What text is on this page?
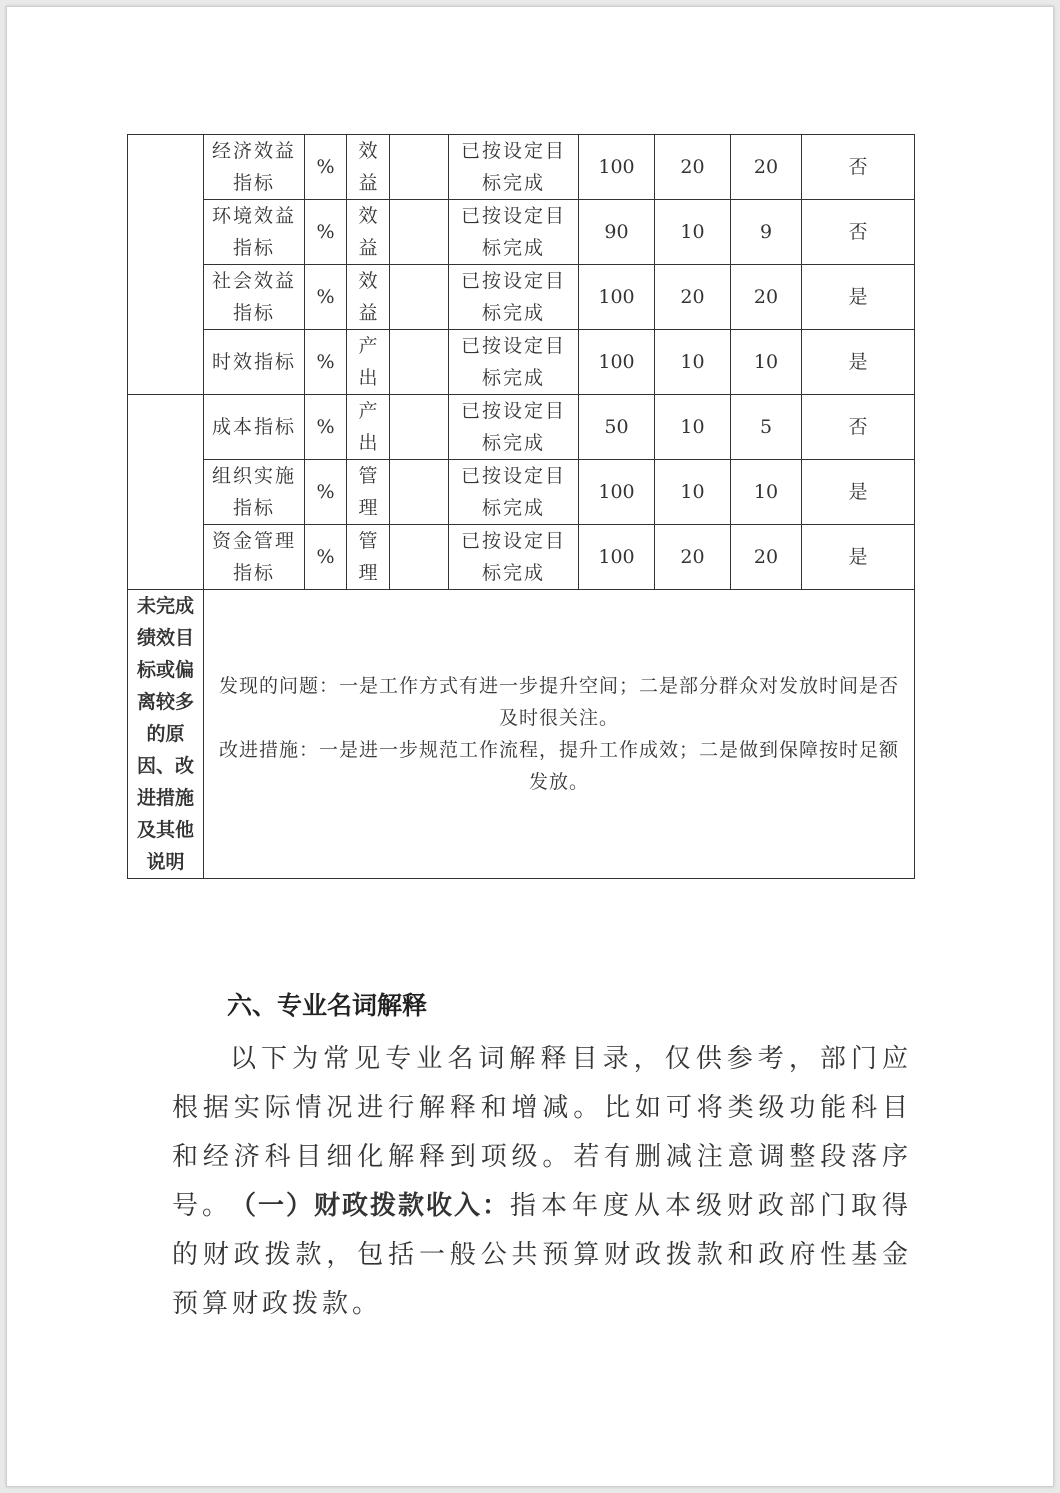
	经济效益指标	%	效益		已按设定目标完成	100	20	20	否
	环境效益指标	%	效益		已按设定目标完成	90	10	9	否
	社会效益指标	%	效益		已按设定目标完成	100	20	20	是
	时效指标	%	产出		已按设定目标完成	100	10	10	是
	成本指标	%	产出		已按设定目标完成	50	10	5	否
	组织实施指标	%	管理		已按设定目标完成	100	10	10	是
	资金管理指标	%	管理		已按设定目标完成	100	20	20	是
未完成绩效目标或偏离较多的原因、改进措施及其他说明	发现的问题：一是工作方式有进一步提升空间；二是部分群众对发放时间是否及时很关注。
改进措施：一是进一步规范工作流程，提升工作成效；二是做到保障按时足额发放。								
六、专业名词解释

以下为常见专业名词解释目录，仅供参考，部门应根据实际情况进行解释和增减。比如可将类级功能科目和经济科目细化解释到项级。若有删减注意调整段落序号。

（一）财政拨款收入：指本年度从本级财政部门取得的财政拨款，包括一般公共预算财政拨款和政府性基金预算财政拨款。
